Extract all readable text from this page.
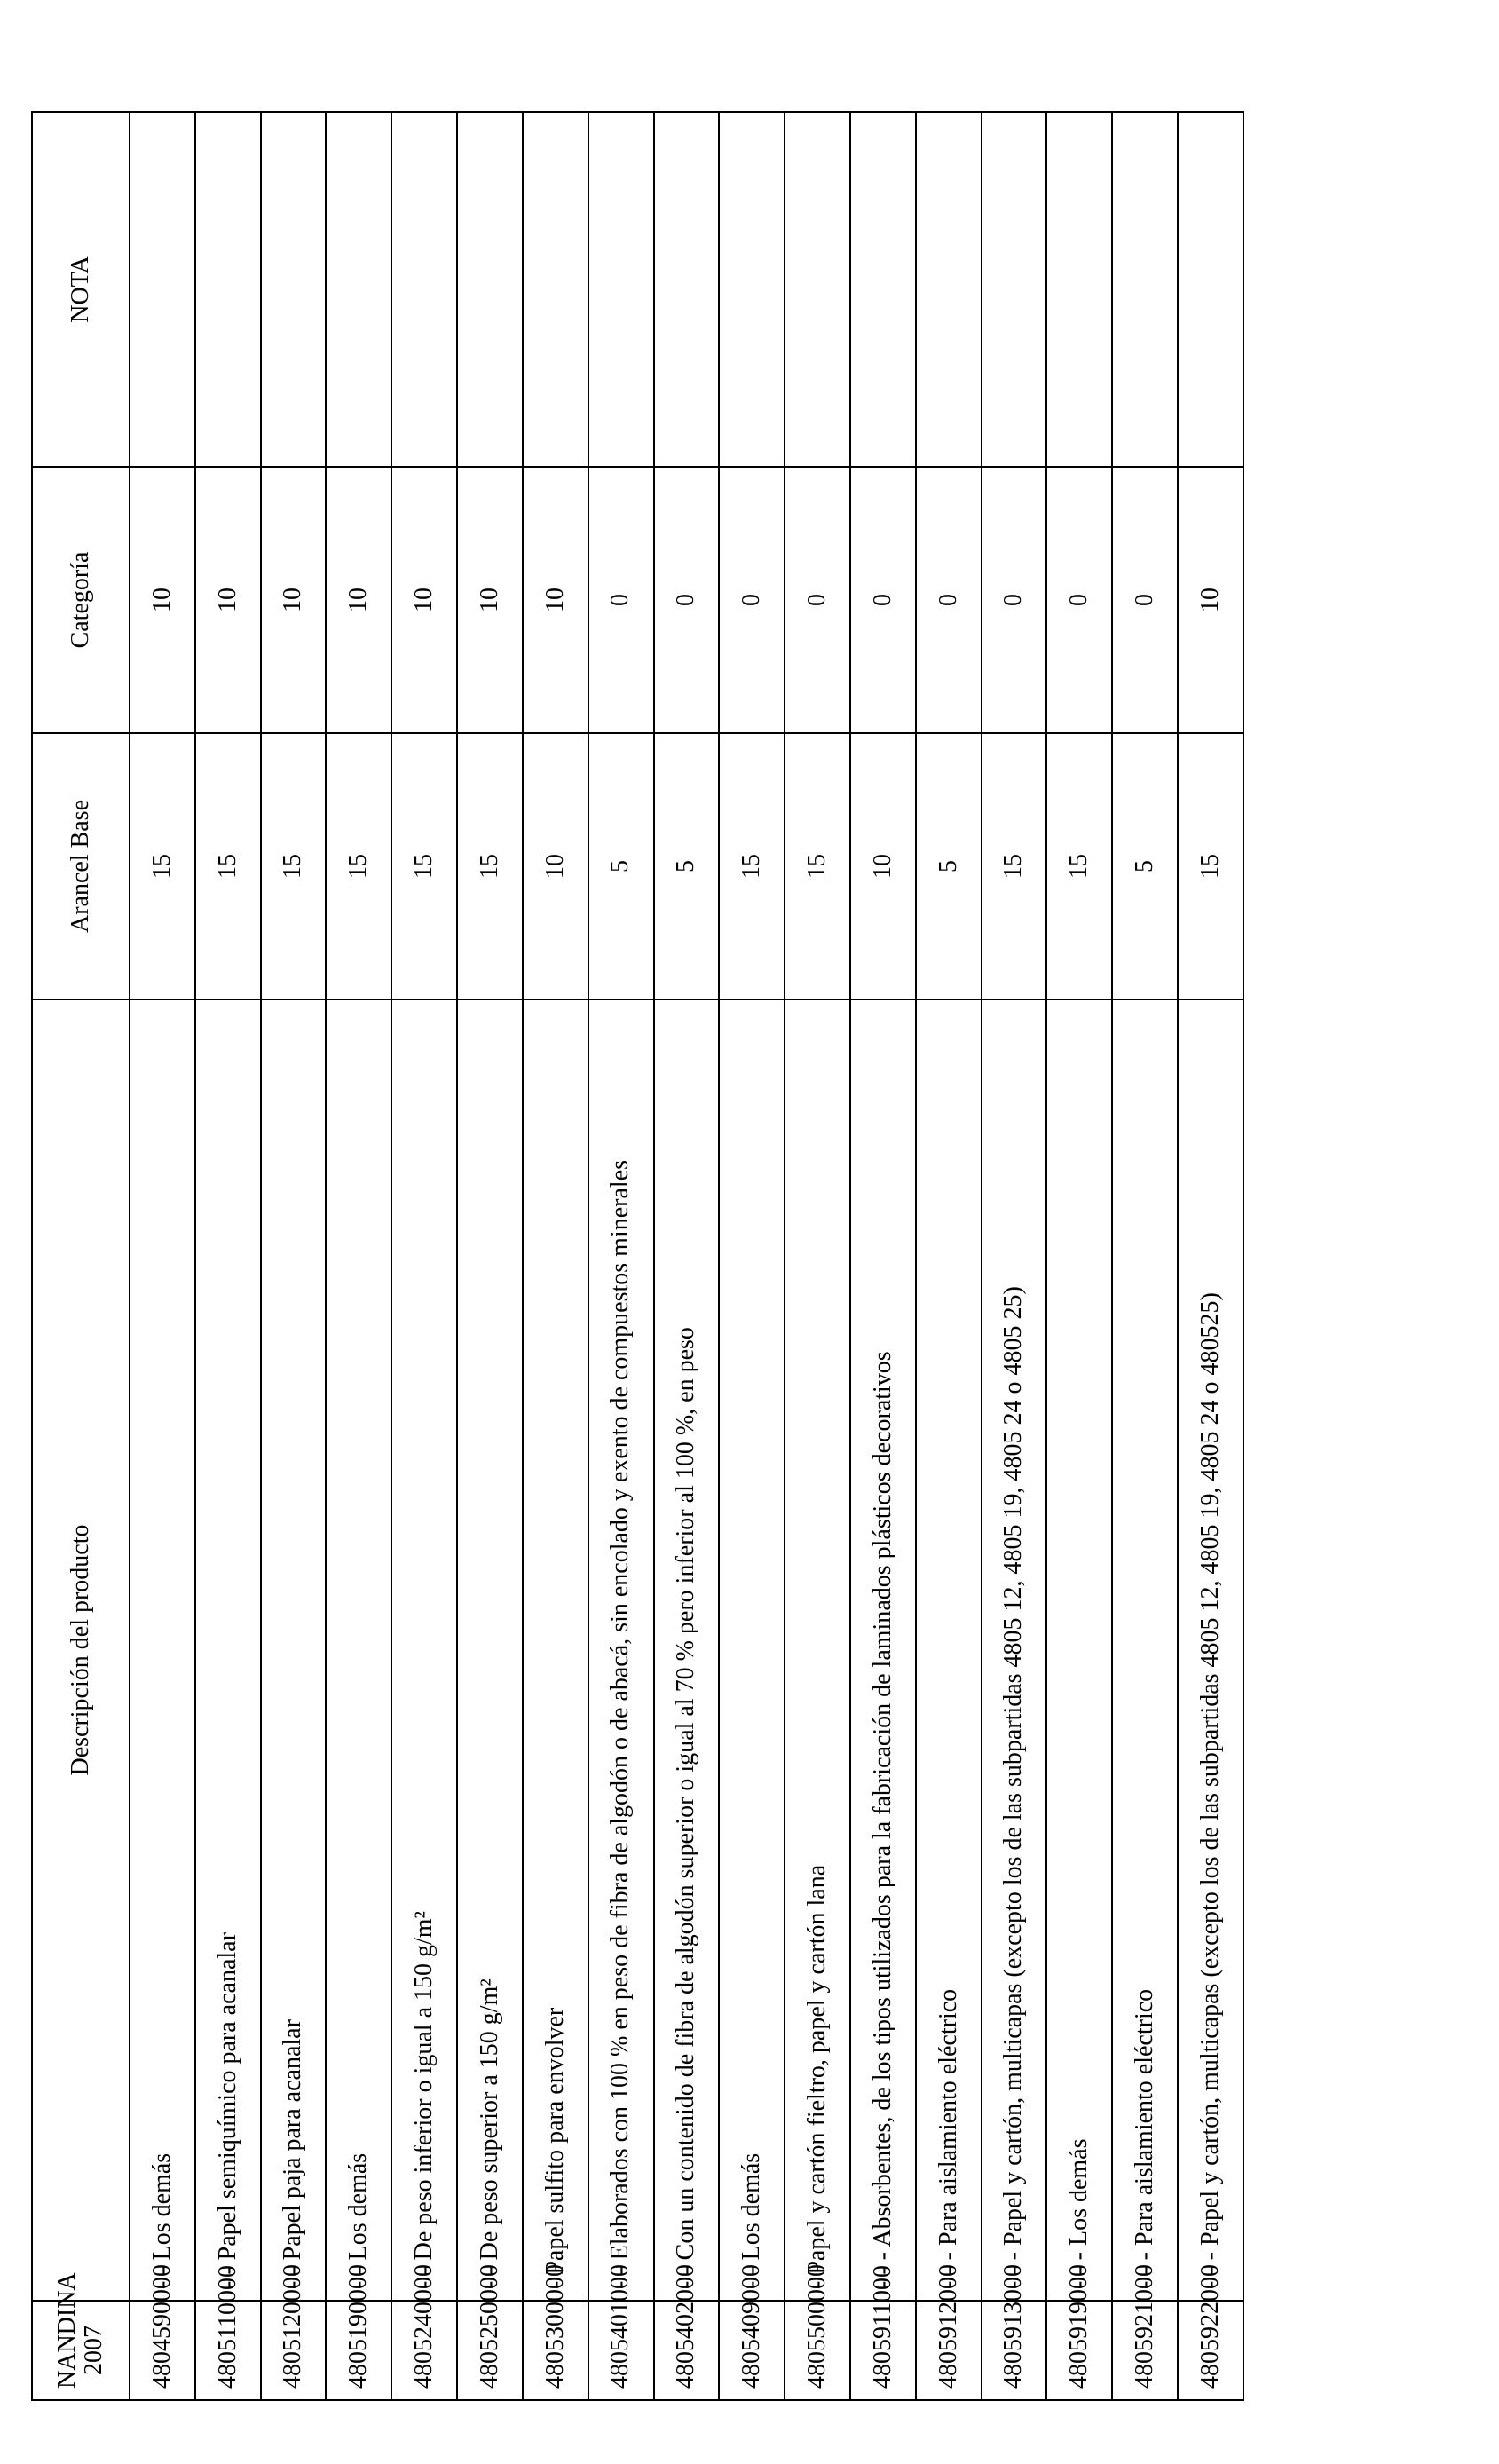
NANDINA
2007	Descripción del producto	Arancel Base	Categoría	NOTA
4804590000	- - Los demás	15	10	
4805110000	- - Papel semiquímico para acanalar	15	10	
4805120000	- - Papel paja para acanalar	15	10	
4805190000	- - Los demás	15	10	
4805240000	- - De peso inferior o igual a 150 g/m²	15	10	
4805250000	- - De peso superior a 150 g/m²	15	10	
4805300000	- Papel sulfito para envolver	10	10	
4805401000	- - Elaborados con 100 % en peso de fibra de algodón o de abacá, sin encolado y exento de compuestos minerales	5	0	
4805402000	- - Con un contenido de fibra de algodón superior o igual al 70 % pero inferior al 100 %, en peso	5	0	
4805409000	- - Los demás	15	0	
4805500000	- Papel y cartón fieltro, papel y cartón lana	15	0	
4805911000	- - - Absorbentes, de los tipos utilizados para la fabricación de laminados plásticos decorativos	10	0	
4805912000	- - - Para aislamiento eléctrico	5	0	
4805913000	- - - Papel y cartón, multicapas (excepto los de las subpartidas 4805 12, 4805 19, 4805 24 o 4805 25)	15	0	
4805919000	- - - Los demás	15	0	
4805921000	- - - Para aislamiento eléctrico	5	0	
4805922000	- - - Papel y cartón, multicapas (excepto los de las subpartidas 4805 12, 4805 19, 4805 24 o 480525)	15	10	
